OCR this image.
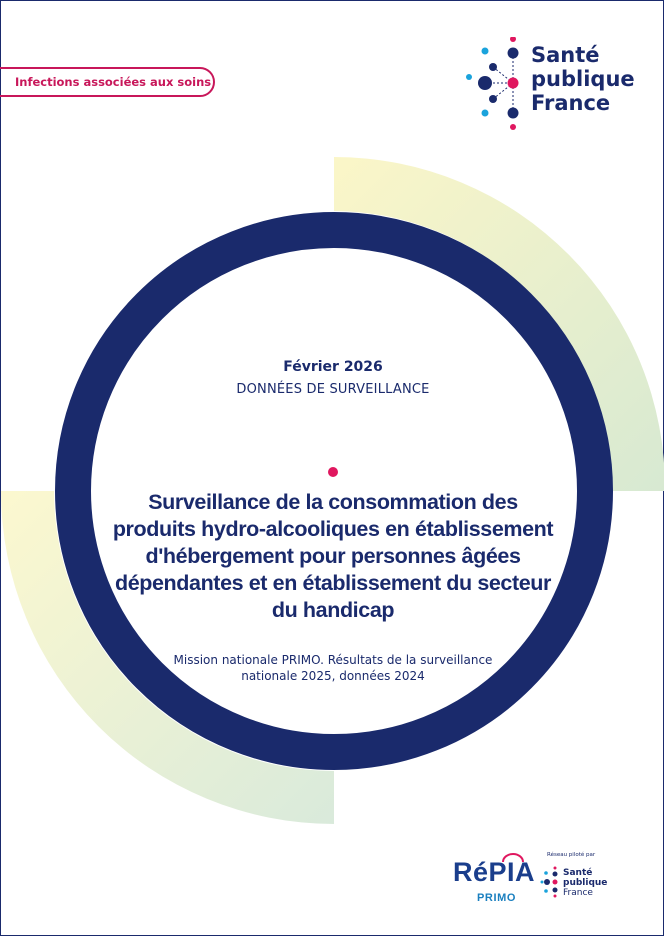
Infections associées aux soins
Santé
publique
France
Février 2026
DONNÉES DE SURVEILLANCE
Surveillance de la consommation des produits hydro-alcooliques en établissement d'hébergement pour personnes âgées dépendantes et en établissement du secteur du handicap
Mission nationale PRIMO. Résultats de la surveillance nationale 2025, données 2024
RéPIA
PRIMO
Réseau piloté par
Santé
publique
France
